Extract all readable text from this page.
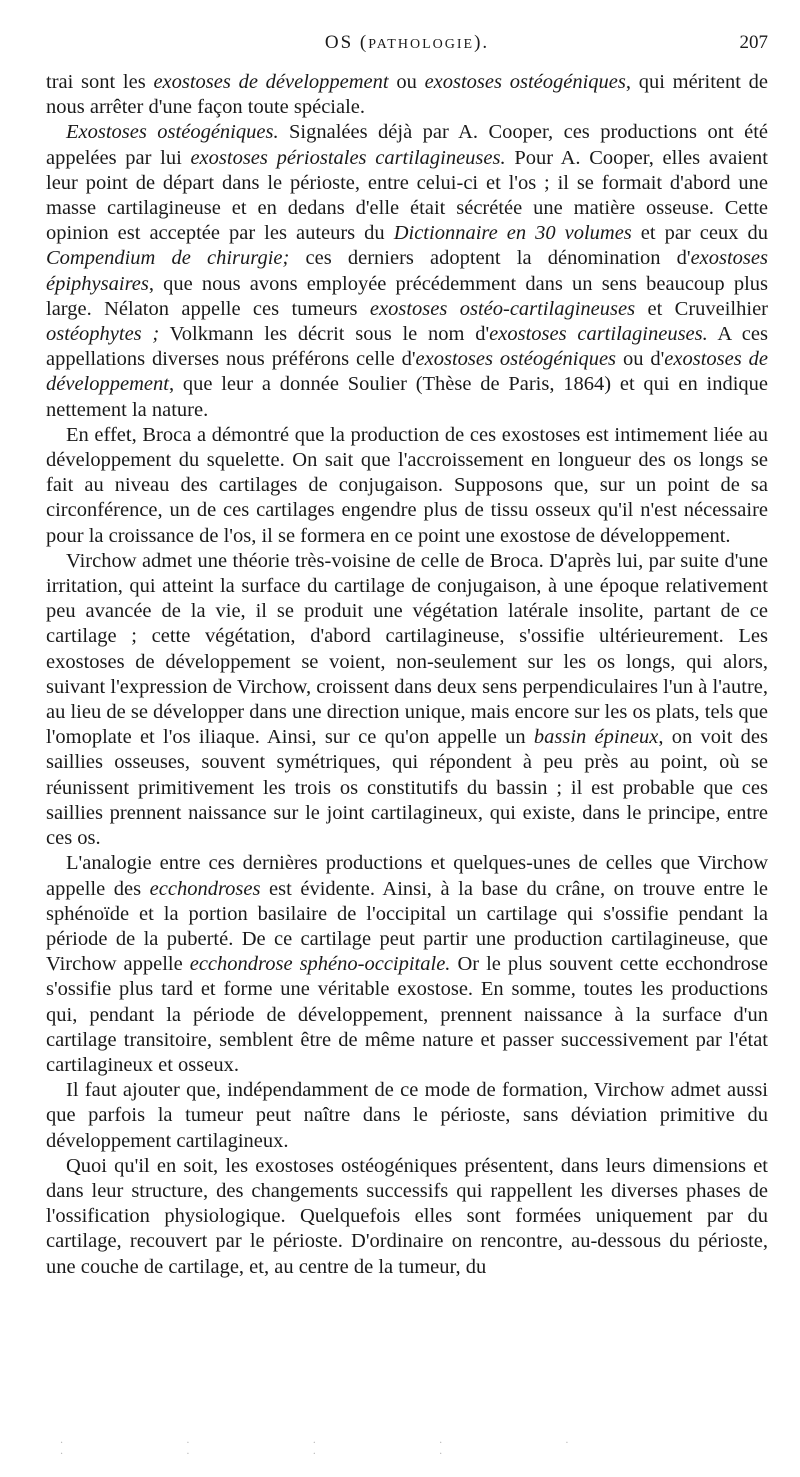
OS (PATHOLOGIE).	207

trai sont les exostoses de développement ou exostoses ostéogéniques, qui méritent de nous arrêter d'une façon toute spéciale.

Exostoses ostéogéniques. Signalées déjà par A. Cooper, ces productions ont été appelées par lui exostoses périostales cartilagineuses. Pour A. Cooper, elles avaient leur point de départ dans le périoste, entre celui-ci et l'os ; il se formait d'abord une masse cartilagineuse et en dedans d'elle était sécrétée une matière osseuse. Cette opinion est acceptée par les auteurs du Dictionnaire en 30 volumes et par ceux du Compendium de chirurgie; ces derniers adoptent la dénomination d'exostoses épiphysaires, que nous avons employée précédemment dans un sens beaucoup plus large. Nélaton appelle ces tumeurs exostoses ostéo-cartilagineuses et Cruveilhier ostéophytes ; Volkmann les décrit sous le nom d'exostoses cartilagineuses. A ces appellations diverses nous préférons celle d'exostoses ostéogéniques ou d'exostoses de développement, que leur a donnée Soulier (Thèse de Paris, 1864) et qui en indique nettement la nature.

En effet, Broca a démontré que la production de ces exostoses est intimement liée au développement du squelette. On sait que l'accroissement en longueur des os longs se fait au niveau des cartilages de conjugaison. Supposons que, sur un point de sa circonférence, un de ces cartilages engendre plus de tissu osseux qu'il n'est nécessaire pour la croissance de l'os, il se formera en ce point une exostose de développement.

Virchow admet une théorie très-voisine de celle de Broca. D'après lui, par suite d'une irritation, qui atteint la surface du cartilage de conjugaison, à une époque relativement peu avancée de la vie, il se produit une végétation latérale insolite, partant de ce cartilage ; cette végétation, d'abord cartilagineuse, s'ossifie ultérieurement. Les exostoses de développement se voient, non-seulement sur les os longs, qui alors, suivant l'expression de Virchow, croissent dans deux sens perpendiculaires l'un à l'autre, au lieu de se développer dans une direction unique, mais encore sur les os plats, tels que l'omoplate et l'os iliaque. Ainsi, sur ce qu'on appelle un bassin épineux, on voit des saillies osseuses, souvent symétriques, qui répondent à peu près au point, où se réunissent primitivement les trois os constitutifs du bassin ; il est probable que ces saillies prennent naissance sur le joint cartilagineux, qui existe, dans le principe, entre ces os.

L'analogie entre ces dernières productions et quelques-unes de celles que Virchow appelle des ecchondroses est évidente. Ainsi, à la base du crâne, on trouve entre le sphénoïde et la portion basilaire de l'occipital un cartilage qui s'ossifie pendant la période de la puberté. De ce cartilage peut partir une production cartilagineuse, que Virchow appelle ecchondrose sphéno-occipitale. Or le plus souvent cette ecchondrose s'ossifie plus tard et forme une véritable exostose. En somme, toutes les productions qui, pendant la période de développement, prennent naissance à la surface d'un cartilage transitoire, semblent être de même nature et passer successivement par l'état cartilagineux et osseux.

Il faut ajouter que, indépendamment de ce mode de formation, Virchow admet aussi que parfois la tumeur peut naître dans le périoste, sans déviation primitive du développement cartilagineux.

Quoi qu'il en soit, les exostoses ostéogéniques présentent, dans leurs dimensions et dans leur structure, des changements successifs qui rappellent les diverses phases de l'ossification physiologique. Quelquefois elles sont formées uniquement par du cartilage, recouvert par le périoste. D'ordinaire on rencontre, au-dessous du périoste, une couche de cartilage, et, au centre de la tumeur, du

· · · · · · · · ·
